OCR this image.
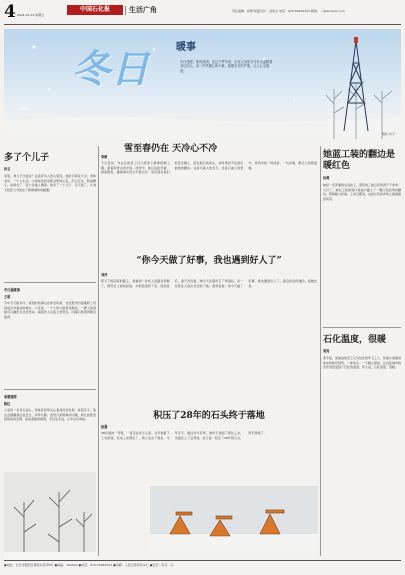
4 2021.12.24 星期五
中国石化报	生活广角	责任编辑：杨柳 版面设计：闫同文 电话：010-59963254 邮箱：…@sinopec.com
冬日	暖事
冬日漫漫，寒风凛冽。在这个季节里，石化人用坚守与付出温暖着身边的人，用一件件暖心的小事，驱散冬日的严寒，让人心生暖意。
摄影 杨平
雪至春仍在 天冷心不冷
多了个儿子
孙玉
家里，我儿子比我亲？这是许多人的心里话。他的邻居张大爷，退休多年，一个人生活。小刘每次回家都会帮他买菜，打扫卫生，陪他聊天。时间长了，张大爷逢人便说：我多了一个儿子。冬天到了，小刘又给张大爷送去了新棉被和电暖器。
冬日温暖事
王明
今年冬天格外冷。班组的同事们在休息时间，自发组织为困难职工家庭送去米面油和棉衣。大家说，一个人的力量是有限的，一群人的温暖可以融化冬日的坚冰。看到老人们脸上的笑容，同事们觉得再累也值得。
家暖情浓
陈红
父亲是一名老石油人，退休后依然关心着油田的发展。每到冬天，他总会提醒我注意安全，多穿衣服。虽然只是简单的叮嘱，却让我感受到浓浓的亲情。家是温暖的港湾，无论走多远，心中总有牵挂。
李敏
天还没亮，作业区的员工们已经穿上厚厚的棉工服，踏着积雪走向井场。风雪中，他们巡检设备、排查隐患，确保油井安全平稳运行。雪花落在他们的安全帽上，落在他们的肩头，却丝毫挡不住他们前进的脚步。这是石油人的冬天，也是石油人的坚守。寒风中的一杯热茶、一句问候，都让人倍感温暖。
“你今天做了好事，我也遇到好人了”
刘洋
那天下班回家的路上，我看到一位老人在路边摔倒了，便急忙上前扶起他，并把他送回了家。回到家后，妻子告诉我，她今天在超市忘了拿钱包，是一位陌生人追出来还给了她。我笑着说：你今天做了好事，我也遇到好人了。善良是会传递的，温暖也是。
积压了28年的石头终于落地
赵强
28年前的一笔账，一直压在老王心里。当年他借了工友的钱，后来工友调走了，两人失去了联系。今年冬天，通过多方打听，他终于找到了那位工友，当面还上了这笔钱。老王说：积压了28年的石头，终于落地了。
她蓝工装的翻边是暖红色
孙燕
她是一名普通的女巡检工，蓝色的工装总是洗得干干净净。天冷了，她在工装的领口和袖口缝上了一圈红色的绒布翻边，既保暖又好看。工友们都说，这抹红色是井场上最温暖的风景。
石化温度，很暖
周亮
寒冬里，加油站的员工们为过往的环卫工人、快递小哥提供热水和休息场所。一杯热水、一个暖心驿站，让这些城市的守护者感受到了石化的温度。有人说，石化温度，很暖。
●地址：北京市朝阳区惠新东街甲6号 ●邮编：100029 ●电话：010-59963254 ●印刷：人民日报印务中心 ●定价：每月…元
